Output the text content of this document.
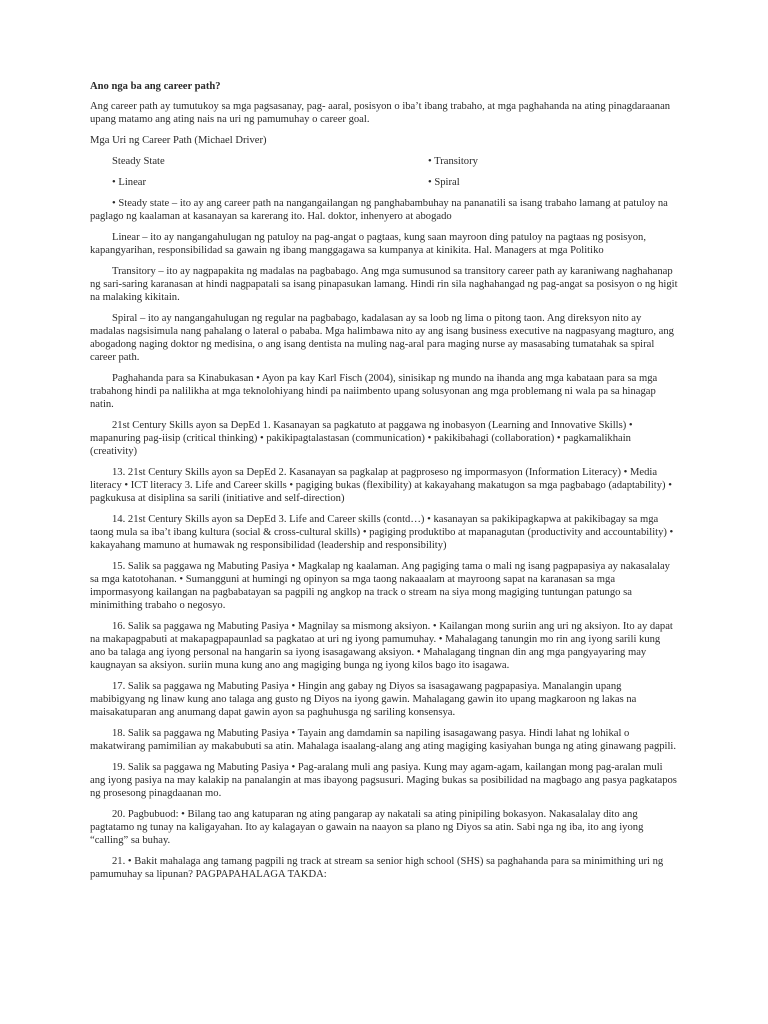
Ano nga ba ang career path?

Ang career path ay tumutukoy sa mga pagsasanay, pag- aaral, posisyon o iba’t ibang trabaho, at mga paghahanda na ating pinagdaraanan upang matamo ang ating nais na uri ng pamumuhay o career goal.

Mga Uri ng Career Path (Michael Driver)

Steady State	• Transitory
• Linear	• Spiral

• Steady state – ito ay ang career path na nangangailangan ng panghabambuhay na pananatili sa isang trabaho lamang at patuloy na paglago ng kaalaman at kasanayan sa karerang ito. Hal. doktor, inhenyero at abogado

Linear – ito ay nangangahulugan ng patuloy na pag-angat o pagtaas, kung saan mayroon ding patuloy na pagtaas ng posisyon, kapangyarihan, responsibilidad sa gawain ng ibang manggagawa sa kumpanya at kinikita. Hal. Managers at mga Politiko

Transitory – ito ay nagpapakita ng madalas na pagbabago. Ang mga sumusunod sa transitory career path ay karaniwang naghahanap ng sari-saring karanasan at hindi nagpapatali sa isang pinapasukan lamang. Hindi rin sila naghahangad ng pag-angat sa posisyon o ng higit na malaking kikitain.

Spiral – ito ay nangangahulugan ng regular na pagbabago, kadalasan ay sa loob ng lima o pitong taon. Ang direksyon nito ay madalas nagsisimula nang pahalang o lateral o pababa. Mga halimbawa nito ay ang isang business executive na nagpasyang magturo, ang abogadong naging doktor ng medisina, o ang isang dentista na muling nag-aral para maging nurse ay masasabing tumatahak sa spiral career path.

Paghahanda para sa Kinabukasan • Ayon pa kay Karl Fisch (2004), sinisikap ng mundo na ihanda ang mga kabataan para sa mga trabahong hindi pa nalilikha at mga teknolohiyang hindi pa naiimbento upang solusyonan ang mga problemang ni wala pa sa hinagap natin.

21st Century Skills ayon sa DepEd 1. Kasanayan sa pagkatuto at paggawa ng inobasyon (Learning and Innovative Skills) • mapanuring pag-iisip (critical thinking) • pakikipagtalastasan (communication) • pakikibahagi (collaboration) • pagkamalikhain (creativity)

13. 21st Century Skills ayon sa DepEd 2. Kasanayan sa pagkalap at pagproseso ng impormasyon (Information Literacy) • Media literacy • ICT literacy 3. Life and Career skills • pagiging bukas (flexibility) at kakayahang makatugon sa mga pagbabago (adaptability) • pagkukusa at disiplina sa sarili (initiative and self-direction)

14. 21st Century Skills ayon sa DepEd 3. Life and Career skills (contd…) • kasanayan sa pakikipagkapwa at pakikibagay sa mga taong mula sa iba’t ibang kultura (social & cross-cultural skills) • pagiging produktibo at mapanagutan (productivity and accountability) • kakayahang mamuno at humawak ng responsibilidad (leadership and responsibility)

15. Salik sa paggawa ng Mabuting Pasiya • Magkalap ng kaalaman. Ang pagiging tama o mali ng isang pagpapasiya ay nakasalalay sa mga katotohanan. • Sumangguni at humingi ng opinyon sa mga taong nakaaalam at mayroong sapat na karanasan sa mga impormasyong kailangan na pagbabatayan sa pagpili ng angkop na track o stream na siya mong magiging tuntungan patungo sa minimithing trabaho o negosyo.

16. Salik sa paggawa ng Mabuting Pasiya • Magnilay sa mismong aksiyon. • Kailangan mong suriin ang uri ng aksiyon. Ito ay dapat na makapagpabuti at makapagpapaunlad sa pagkatao at uri ng iyong pamumuhay. • Mahalagang tanungin mo rin ang iyong sarili kung ano ba talaga ang iyong personal na hangarin sa iyong isasagawang aksiyon. • Mahalagang tingnan din ang mga pangyayaring may kaugnayan sa aksiyon. suriin muna kung ano ang magiging bunga ng iyong kilos bago ito isagawa.

17. Salik sa paggawa ng Mabuting Pasiya • Hingin ang gabay ng Diyos sa isasagawang pagpapasiya. Manalangin upang mabibigyang ng linaw kung ano talaga ang gusto ng Diyos na iyong gawin. Mahalagang gawin ito upang magkaroon ng lakas na maisakatuparan ang anumang dapat gawin ayon sa paghuhusga ng sariling konsensya.

18. Salik sa paggawa ng Mabuting Pasiya • Tayain ang damdamin sa napiling isasagawang pasya. Hindi lahat ng lohikal o makatwirang pamimilian ay makabubuti sa atin. Mahalaga isaalang-alang ang ating magiging kasiyahan bunga ng ating ginawang pagpili.

19. Salik sa paggawa ng Mabuting Pasiya • Pag-aralang muli ang pasiya. Kung may agam-agam, kailangan mong pag-aralan muli ang iyong pasiya na may kalakip na panalangin at mas ibayong pagsusuri. Maging bukas sa posibilidad na magbago ang pasya pagkatapos ng prosesong pinagdaanan mo.

20. Pagbubuod: • Bilang tao ang katuparan ng ating pangarap ay nakatali sa ating pinipiling bokasyon. Nakasalalay dito ang pagtatamo ng tunay na kaligayahan. Ito ay kalagayan o gawain na naayon sa plano ng Diyos sa atin. Sabi nga ng iba, ito ang iyong “calling” sa buhay.

21. • Bakit mahalaga ang tamang pagpili ng track at stream sa senior high school (SHS) sa paghahanda para sa minimithing uri ng pamumuhay sa lipunan? PAGPAPAHALAGA TAKDA:
